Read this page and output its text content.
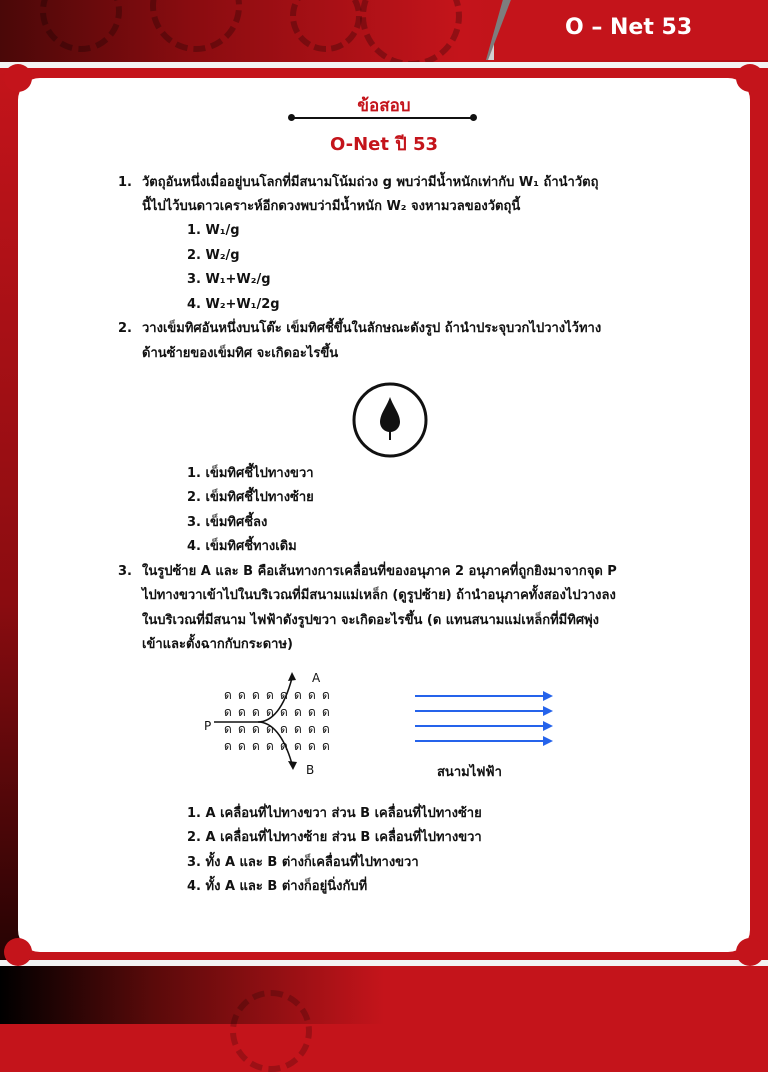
O – Net 53
ข้อสอบ
O-Net ปี 53
1. วัตถุอันหนึ่งเมื่ออยู่บนโลกที่มีสนามโน้มถ่วง g พบว่ามีน้ำหนักเท่ากับ W₁ ถ้านำวัตถุ
นี้ไปไว้บนดาวเคราะห์อีกดวงพบว่ามีน้ำหนัก W₂ จงหามวลของวัตถุนี้
1. W₁/g
2. W₂/g
3. W₁+W₂/g
4. W₂+W₁/2g
2. วางเข็มทิศอันหนึ่งบนโต๊ะ เข็มทิศชี้ขึ้นในลักษณะดังรูป ถ้านำประจุบวกไปวางไว้ทาง
ด้านซ้ายของเข็มทิศ จะเกิดอะไรขึ้น
1. เข็มทิศชี้ไปทางขวา
2. เข็มทิศชี้ไปทางซ้าย
3. เข็มทิศชี้ลง
4. เข็มทิศชี้ทางเดิม
3. ในรูปซ้าย A และ B คือเส้นทางการเคลื่อนที่ของอนุภาค 2 อนุภาคที่ถูกยิงมาจากจุด P
ไปทางขวาเข้าไปในบริเวณที่มีสนามแม่เหล็ก (ดูรูปซ้าย) ถ้านำอนุภาคทั้งสองไปวางลง
ในบริเวณที่มีสนาม ไฟฟ้าดังรูปขวา จะเกิดอะไรขึ้น (ด แทนสนามแม่เหล็กที่มีทิศพุ่ง
เข้าและตั้งฉากกับกระดาษ)
ด ด ด ด ด ด ด ด
ด ด ด ด ด ด ด ด
ด ด ด ด ด ด ด ด
ด ด ด ด ด ด ด ด
A
P
B	สนามไฟฟ้า
1. A เคลื่อนที่ไปทางขวา ส่วน B เคลื่อนที่ไปทางซ้าย
2. A เคลื่อนที่ไปทางซ้าย ส่วน B เคลื่อนที่ไปทางขวา
3. ทั้ง A และ B ต่างก็เคลื่อนที่ไปทางขวา
4. ทั้ง A และ B ต่างก็อยู่นิ่งกับที่
